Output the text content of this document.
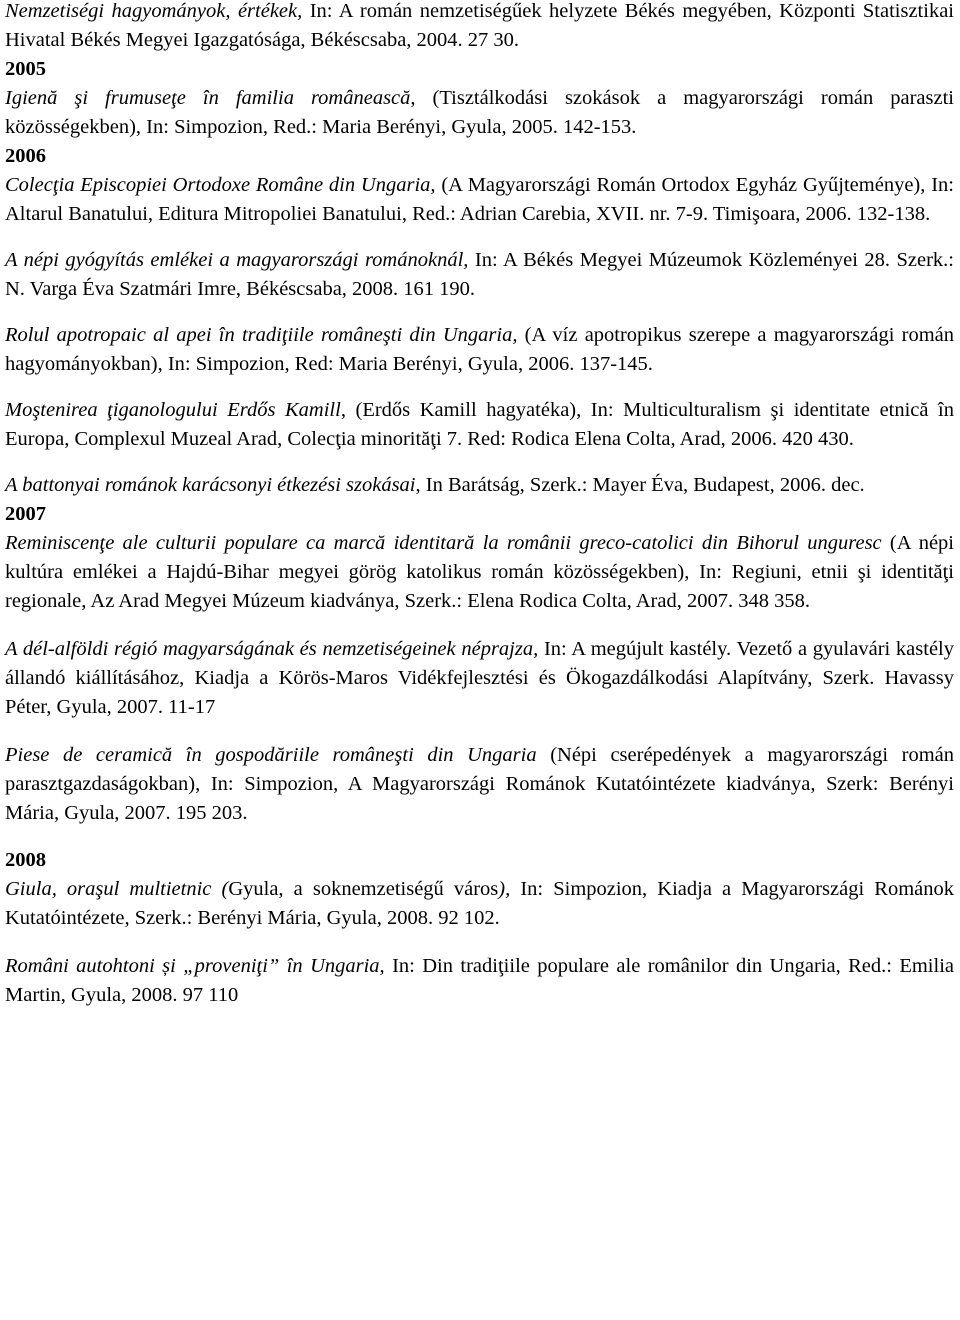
Nemzetiségi hagyományok, értékek, In: A román nemzetiségűek helyzete Békés megyében, Központi Statisztikai Hivatal Békés Megyei Igazgatósága, Békéscsaba, 2004. 27 30.

2005

Igienă şi frumuseţe în familia românească, (Tisztálkodási szokások a magyarországi román paraszti közösségekben), In: Simpozion, Red.: Maria Berényi, Gyula, 2005. 142-153.

2006

Colecţia Episcopiei Ortodoxe Române din Ungaria, (A Magyarországi Román Ortodox Egyház Gyűjteménye), In: Altarul Banatului, Editura Mitropoliei Banatului, Red.: Adrian Carebia, XVII. nr. 7-9. Timişoara, 2006. 132-138.

A népi gyógyítás emlékei a magyarországi románoknál, In: A Békés Megyei Múzeumok Közleményei 28. Szerk.: N. Varga Éva Szatmári Imre, Békéscsaba, 2008. 161 190.

Rolul apotropaic al apei în tradiţiile româneşti din Ungaria, (A víz apotropikus szerepe a magyarországi román hagyományokban), In: Simpozion, Red: Maria Berényi, Gyula, 2006. 137-145.

Moştenirea ţiganologului Erdős Kamill, (Erdős Kamill hagyatéka), In: Multiculturalism şi identitate etnică în Europa, Complexul Muzeal Arad, Colecţia minorităţi 7. Red: Rodica Elena Colta, Arad, 2006. 420 430.

A battonyai románok karácsonyi étkezési szokásai, In Barátság, Szerk.: Mayer Éva, Budapest, 2006. dec.

2007

Reminiscenţe ale culturii populare ca marcă identitară la românii greco-catolici din Bihorul unguresc (A népi kultúra emlékei a Hajdú-Bihar megyei görög katolikus román közösségekben), In: Regiuni, etnii şi identităţi regionale, Az Arad Megyei Múzeum kiadványa, Szerk.: Elena Rodica Colta, Arad, 2007. 348 358.

A dél-alföldi régió magyarságának és nemzetiségeinek néprajza, In: A megújult kastély. Vezető a gyulavári kastély állandó kiállításához, Kiadja a Körös-Maros Vidékfejlesztési és Ökogazdálkodási Alapítvány, Szerk. Havassy Péter, Gyula, 2007. 11-17

Piese de ceramică în gospodăriile româneşti din Ungaria (Népi cserépedények a magyarországi román parasztgazdaságokban), In: Simpozion, A Magyarországi Románok Kutatóintézete kiadványa, Szerk: Berényi Mária, Gyula, 2007. 195 203.

2008

Giula, oraşul multietnic (Gyula, a soknemzetiségű város), In: Simpozion, Kiadja a Magyarországi Románok Kutatóintézete, Szerk.: Berényi Mária, Gyula, 2008. 92 102.

Români autohtoni și „proveniţi” în Ungaria, In: Din tradiţiile populare ale românilor din Ungaria, Red.: Emilia Martin, Gyula, 2008. 97 110
